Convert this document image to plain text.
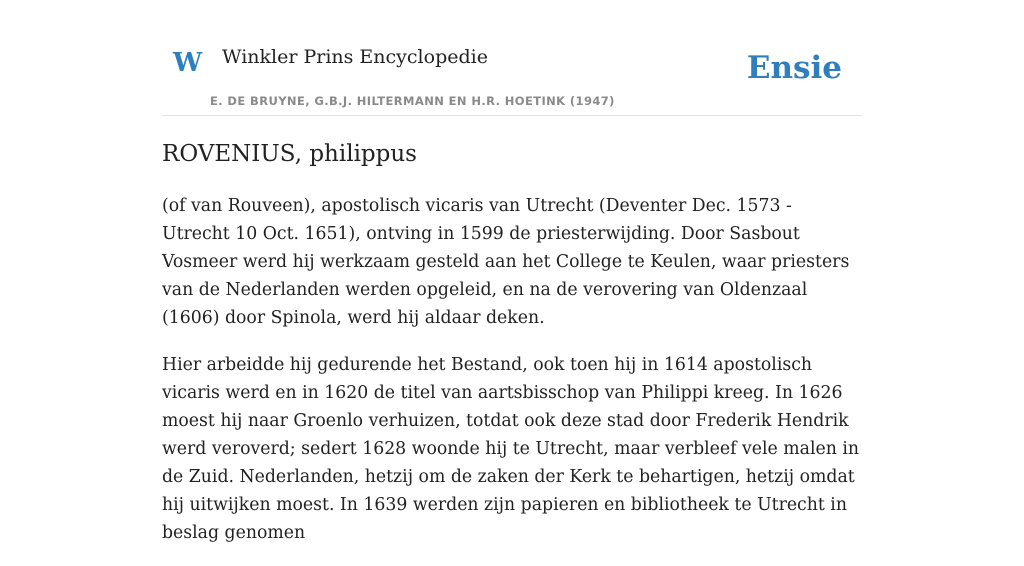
W Winkler Prins Encyclopedie
E. DE BRUYNE, G.B.J. HILTERMANN EN H.R. HOETINK (1947)
Ensie
ROVENIUS, philippus

(of van Rouveen), apostolisch vicaris van Utrecht (Deventer Dec. 1573 - Utrecht 10 Oct. 1651), ontving in 1599 de priesterwijding. Door Sasbout Vosmeer werd hij werkzaam gesteld aan het College te Keulen, waar priesters van de Nederlanden werden opgeleid, en na de verovering van Oldenzaal (1606) door Spinola, werd hij aldaar deken.

Hier arbeidde hij gedurende het Bestand, ook toen hij in 1614 apostolisch vicaris werd en in 1620 de titel van aartsbisschop van Philippi kreeg. In 1626 moest hij naar Groenlo verhuizen, totdat ook deze stad door Frederik Hendrik werd veroverd; sedert 1628 woonde hij te Utrecht, maar verbleef vele malen in de Zuid. Nederlanden, hetzij om de zaken der Kerk te behartigen, hetzij omdat hij uitwijken moest. In 1639 werden zijn papieren en bibliotheek te Utrecht in beslag genomen
